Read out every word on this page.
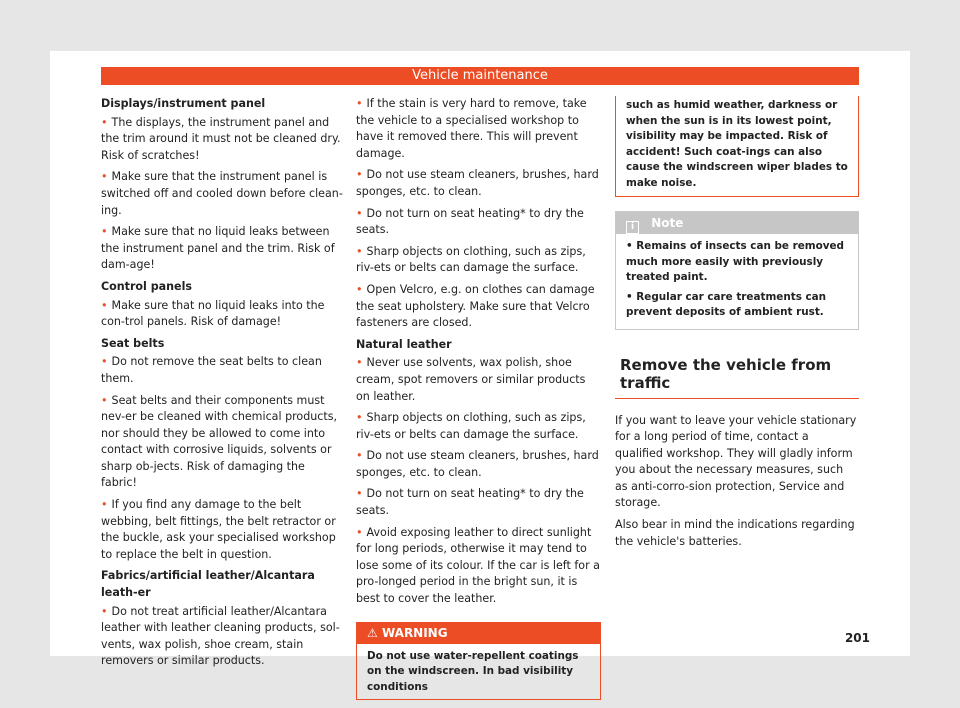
Vehicle maintenance

Displays/instrument panel

• The displays, the instrument panel and the trim around it must not be cleaned dry. Risk of scratches!

• Make sure that the instrument panel is switched off and cooled down before clean-ing.

• Make sure that no liquid leaks between the instrument panel and the trim. Risk of dam-age!

Control panels

• Make sure that no liquid leaks into the con-trol panels. Risk of damage!

Seat belts

• Do not remove the seat belts to clean them.

• Seat belts and their components must nev-er be cleaned with chemical products, nor should they be allowed to come into contact with corrosive liquids, solvents or sharp ob-jects. Risk of damaging the fabric!

• If you find any damage to the belt webbing, belt fittings, the belt retractor or the buckle, ask your specialised workshop to replace the belt in question.

Fabrics/artificial leather/Alcantara leath-er

• Do not treat artificial leather/Alcantara leather with leather cleaning products, sol-vents, wax polish, shoe cream, stain removers or similar products.

• If the stain is very hard to remove, take the vehicle to a specialised workshop to have it removed there. This will prevent damage.

• Do not use steam cleaners, brushes, hard sponges, etc. to clean.

• Do not turn on seat heating* to dry the seats.

• Sharp objects on clothing, such as zips, riv-ets or belts can damage the surface.

• Open Velcro, e.g. on clothes can damage the seat upholstery. Make sure that Velcro fasteners are closed.

Natural leather

• Never use solvents, wax polish, shoe cream, spot removers or similar products on leather.

• Sharp objects on clothing, such as zips, riv-ets or belts can damage the surface.

• Do not use steam cleaners, brushes, hard sponges, etc. to clean.

• Do not turn on seat heating* to dry the seats.

• Avoid exposing leather to direct sunlight for long periods, otherwise it may tend to lose some of its colour. If the car is left for a pro-longed period in the bright sun, it is best to cover the leather.

⚠ WARNING
Do not use water-repellent coatings on the windscreen. In bad visibility conditions
such as humid weather, darkness or when the sun is in its lowest point, visibility may be impacted. Risk of accident! Such coat-ings can also cause the windscreen wiper blades to make noise.
i Note

• Remains of insects can be removed much more easily with previously treated paint.

• Regular car care treatments can prevent deposits of ambient rust.

Remove the vehicle from traffic

If you want to leave your vehicle stationary for a long period of time, contact a qualified workshop. They will gladly inform you about the necessary measures, such as anti-corro-sion protection, Service and storage.

Also bear in mind the indications regarding the vehicle's batteries.

201
